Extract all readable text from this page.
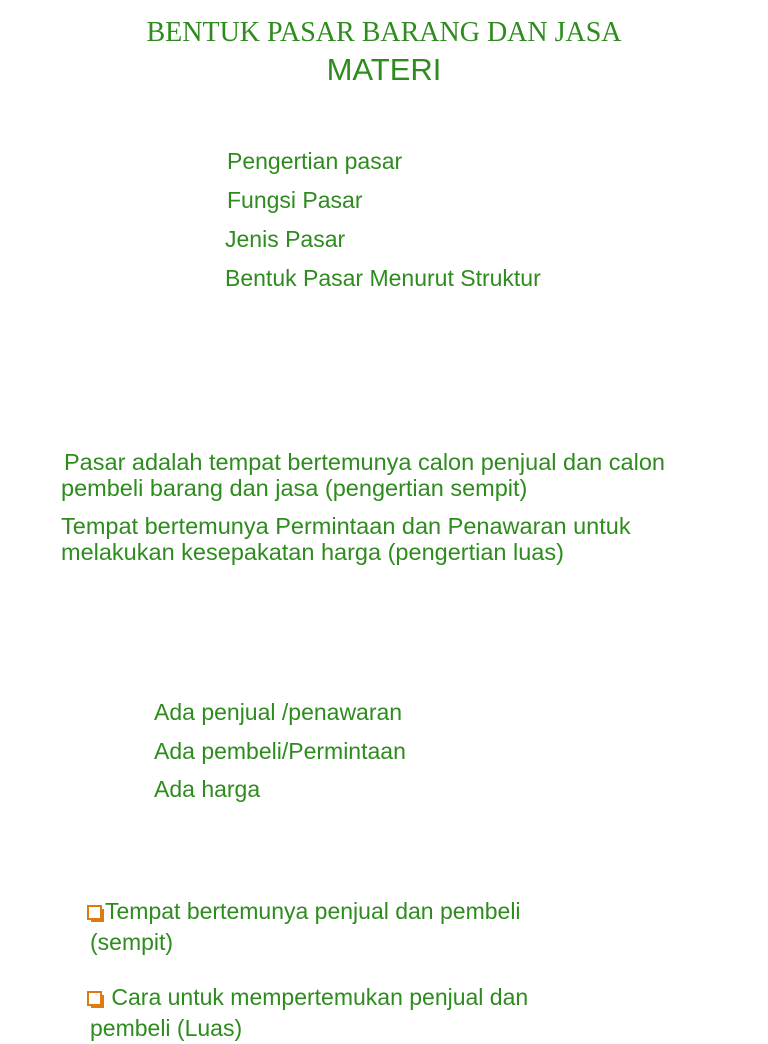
BENTUK PASAR BARANG DAN JASA
MATERI
Pengertian pasar
Fungsi Pasar
Jenis Pasar
Bentuk Pasar Menurut Struktur
Pasar adalah tempat bertemunya calon penjual dan calon pembeli barang dan jasa (pengertian sempit)
Tempat bertemunya Permintaan dan Penawaran untuk melakukan kesepakatan harga (pengertian luas)
Ada penjual /penawaran
Ada pembeli/Permintaan
Ada harga
Tempat bertemunya penjual dan pembeli
(sempit)
Cara untuk mempertemukan penjual dan
pembeli (Luas)
